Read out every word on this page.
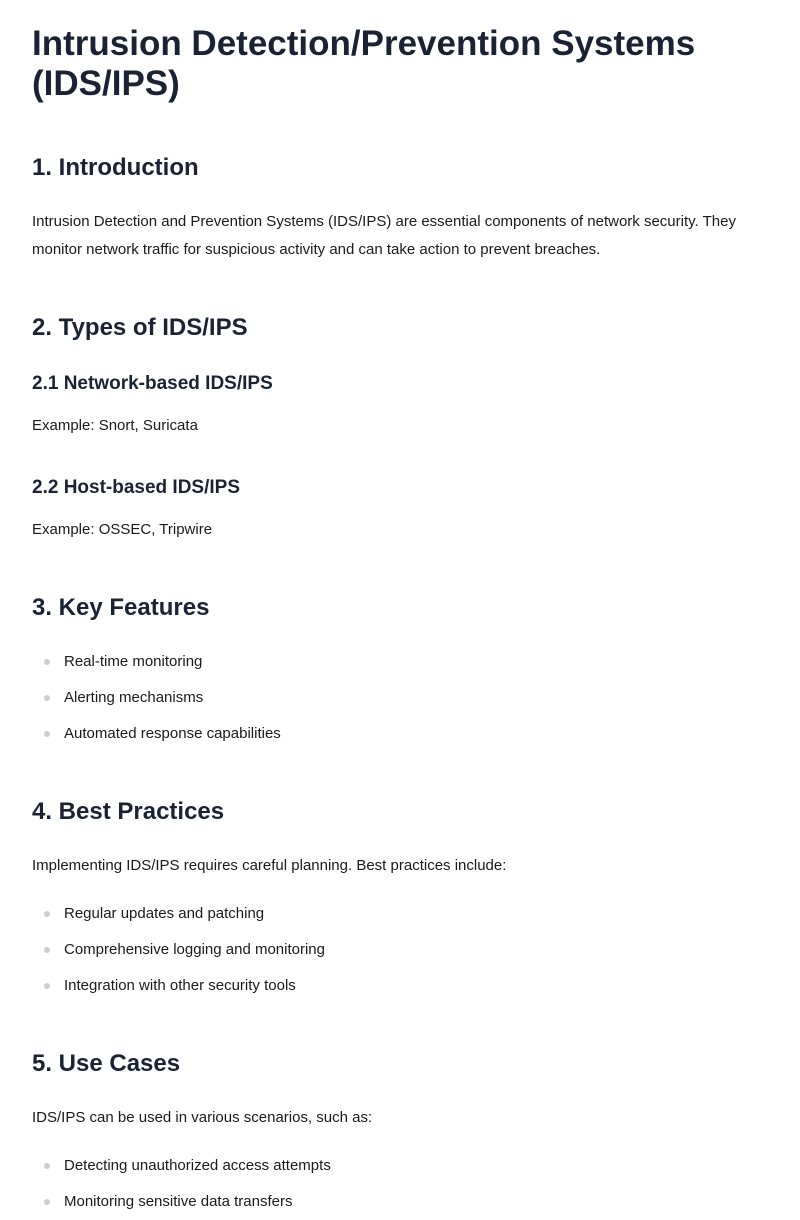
Intrusion Detection/Prevention Systems (IDS/IPS)
1. Introduction

Intrusion Detection and Prevention Systems (IDS/IPS) are essential components of network security. They monitor network traffic for suspicious activity and can take action to prevent breaches.

2. Types of IDS/IPS
2.1 Network-based IDS/IPS

Example: Snort, Suricata

2.2 Host-based IDS/IPS

Example: OSSEC, Tripwire

3. Key Features
Real-time monitoring
Alerting mechanisms
Automated response capabilities
4. Best Practices

Implementing IDS/IPS requires careful planning. Best practices include:

Regular updates and patching
Comprehensive logging and monitoring
Integration with other security tools
5. Use Cases

IDS/IPS can be used in various scenarios, such as:

Detecting unauthorized access attempts
Monitoring sensitive data transfers
